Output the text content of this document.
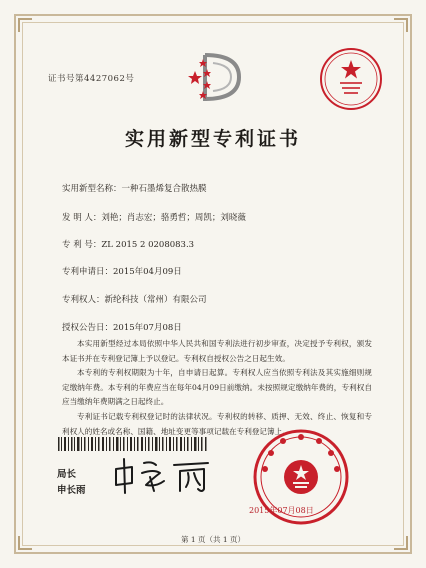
证书号第4427062号
实用新型专利证书
实用新型名称：一种石墨烯复合散热膜
发 明 人：刘艳；肖志宏；骆勇哲；周凯；刘晓薇
专 利 号：ZL 2015 2 0208083.3
专利申请日：2015年04月09日
专利权人：新纶科技（常州）有限公司
授权公告日：2015年07月08日

本实用新型经过本局依照中华人民共和国专利法进行初步审查，决定授予专利权，颁发本证书并在专利登记簿上予以登记。专利权自授权公告之日起生效。

本专利的专利权期限为十年，自申请日起算。专利权人应当依照专利法及其实施细则规定缴纳年费。本专利的年费应当在每年04月09日前缴纳。未按照规定缴纳年费的，专利权自应当缴纳年费期满之日起终止。

专利证书记载专利权登记时的法律状况。专利权的转移、质押、无效、终止、恢复和专利权人的姓名或名称、国籍、地址变更等事项记载在专利登记簿上。

局长
申长雨
2015年07月08日
第 1 页（共 1 页）
